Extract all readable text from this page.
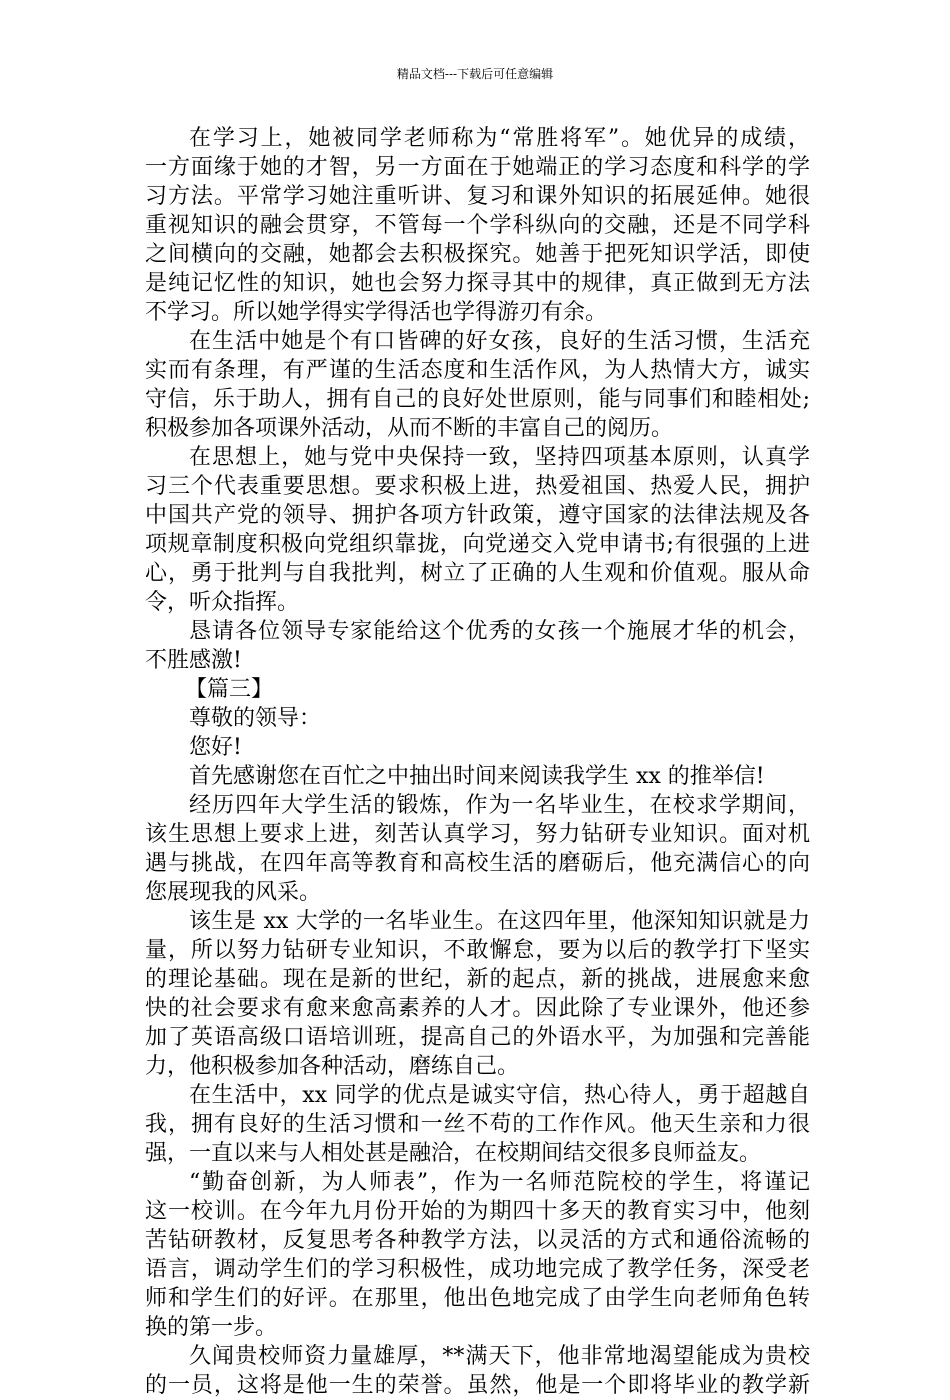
精品文档---下载后可任意编辑
在学习上，她被同学老师称为“常胜将军”。她优异的成绩，
一方面缘于她的才智，另一方面在于她端正的学习态度和科学的学
习方法。平常学习她注重听讲、复习和课外知识的拓展延伸。她很
重视知识的融会贯穿，不管每一个学科纵向的交融，还是不同学科
之间横向的交融，她都会去积极探究。她善于把死知识学活，即使
是纯记忆性的知识，她也会努力探寻其中的规律，真正做到无方法
不学习。所以她学得实学得活也学得游刃有余。
在生活中她是个有口皆碑的好女孩，良好的生活习惯，生活充
实而有条理，有严谨的生活态度和生活作风，为人热情大方，诚实
守信，乐于助人，拥有自己的良好处世原则，能与同事们和睦相处;
积极参加各项课外活动，从而不断的丰富自己的阅历。
在思想上，她与党中央保持一致，坚持四项基本原则，认真学
习三个代表重要思想。要求积极上进，热爱祖国、热爱人民，拥护
中国共产党的领导、拥护各项方针政策，遵守国家的法律法规及各
项规章制度积极向党组织靠拢，向党递交入党申请书;有很强的上进
心，勇于批判与自我批判，树立了正确的人生观和价值观。服从命
令，听众指挥。
恳请各位领导专家能给这个优秀的女孩一个施展才华的机会，
不胜感激!
【篇三】
尊敬的领导：
您好!
首先感谢您在百忙之中抽出时间来阅读我学生 xx 的推举信!
经历四年大学生活的锻炼，作为一名毕业生，在校求学期间，
该生思想上要求上进，刻苦认真学习，努力钻研专业知识。面对机
遇与挑战，在四年高等教育和高校生活的磨砺后，他充满信心的向
您展现我的风采。
该生是 xx 大学的一名毕业生。在这四年里，他深知知识就是力
量，所以努力钻研专业知识，不敢懈怠，要为以后的教学打下坚实
的理论基础。现在是新的世纪，新的起点，新的挑战，进展愈来愈
快的社会要求有愈来愈高素养的人才。因此除了专业课外，他还参
加了英语高级口语培训班，提高自己的外语水平，为加强和完善能
力，他积极参加各种活动，磨练自己。
在生活中，xx 同学的优点是诚实守信，热心待人，勇于超越自
我，拥有良好的生活习惯和一丝不苟的工作作风。他天生亲和力很
强，一直以来与人相处甚是融洽，在校期间结交很多良师益友。
“勤奋创新，为人师表”，作为一名师范院校的学生，将谨记
这一校训。在今年九月份开始的为期四十多天的教育实习中，他刻
苦钻研教材，反复思考各种教学方法，以灵活的方式和通俗流畅的
语言，调动学生们的学习积极性，成功地完成了教学任务，深受老
师和学生们的好评。在那里，他出色地完成了由学生向老师角色转
换的第一步。
久闻贵校师资力量雄厚，**满天下，他非常地渴望能成为贵校
的一员，这将是他一生的荣誉。虽然，他是一个即将毕业的教学新
